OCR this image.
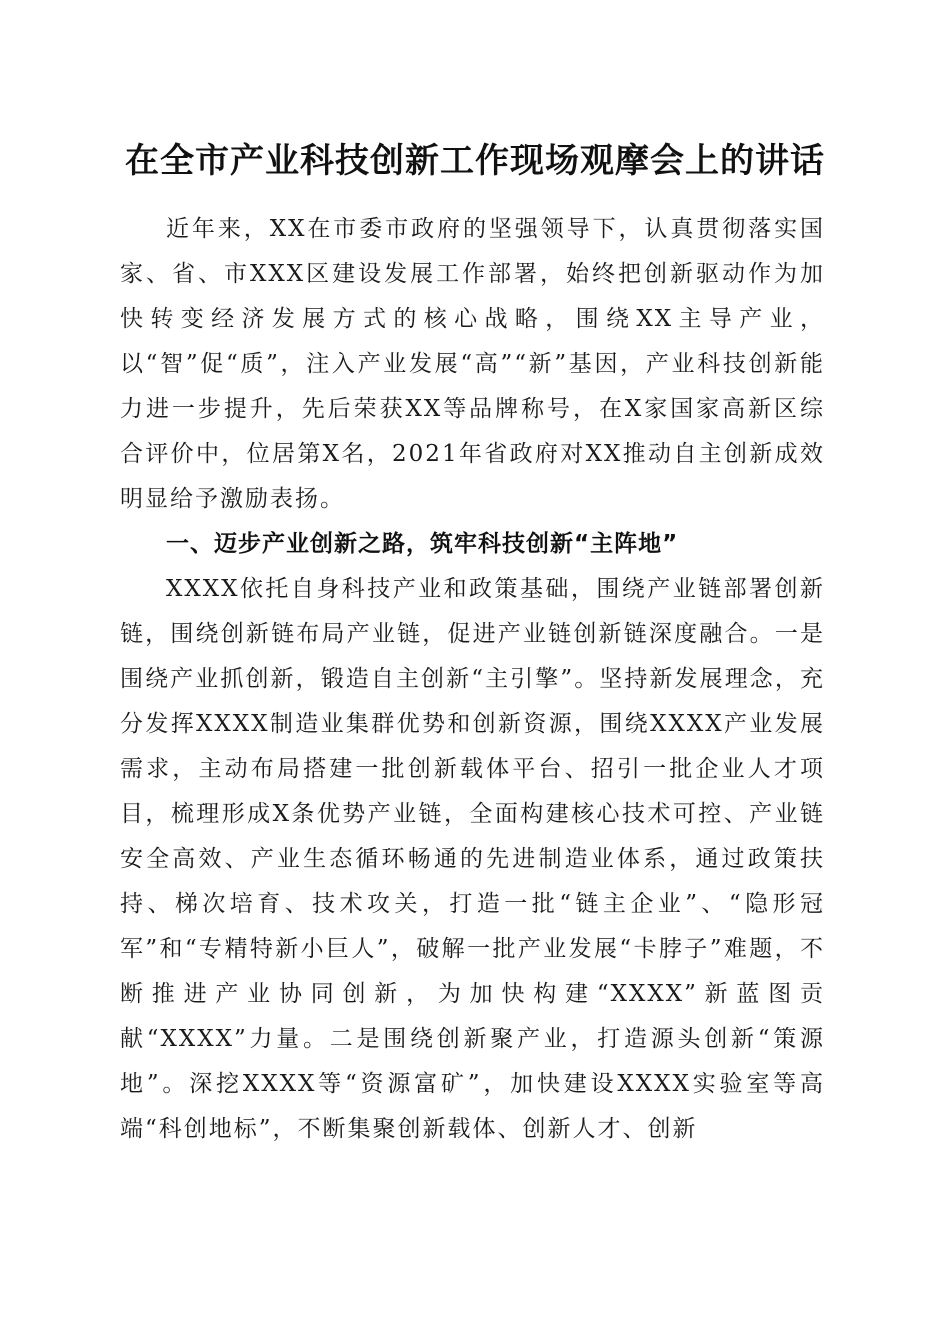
在全市产业科技创新工作现场观摩会上的讲话

近年来，XX在市委市政府的坚强领导下，认真贯彻落实国家、省、市XXX区建设发展工作部署，始终把创新驱动作为加快转变经济发展方式的核心战略，围绕XX主导产业，以“智”促“质”，注入产业发展“高”“新”基因，产业科技创新能力进一步提升，先后荣获XX等品牌称号，在X家国家高新区综合评价中，位居第X名，2021年省政府对XX推动自主创新成效明显给予激励表扬。

一、迈步产业创新之路，筑牢科技创新“主阵地”

XXXX依托自身科技产业和政策基础，围绕产业链部署创新链，围绕创新链布局产业链，促进产业链创新链深度融合。一是围绕产业抓创新，锻造自主创新“主引擎”。坚持新发展理念，充分发挥XXXX制造业集群优势和创新资源，围绕XXXX产业发展需求，主动布局搭建一批创新载体平台、招引一批企业人才项目，梳理形成X条优势产业链，全面构建核心技术可控、产业链安全高效、产业生态循环畅通的先进制造业体系，通过政策扶持、梯次培育、技术攻关，打造一批“链主企业”、“隐形冠军”和“专精特新小巨人”，破解一批产业发展“卡脖子”难题，不断推进产业协同创新，为加快构建“XXXX”新蓝图贡献“XXXX”力量。二是围绕创新聚产业，打造源头创新“策源地”。深挖XXXX等“资源富矿”，加快建设XXXX实验室等高端“科创地标”，不断集聚创新载体、创新人才、创新
